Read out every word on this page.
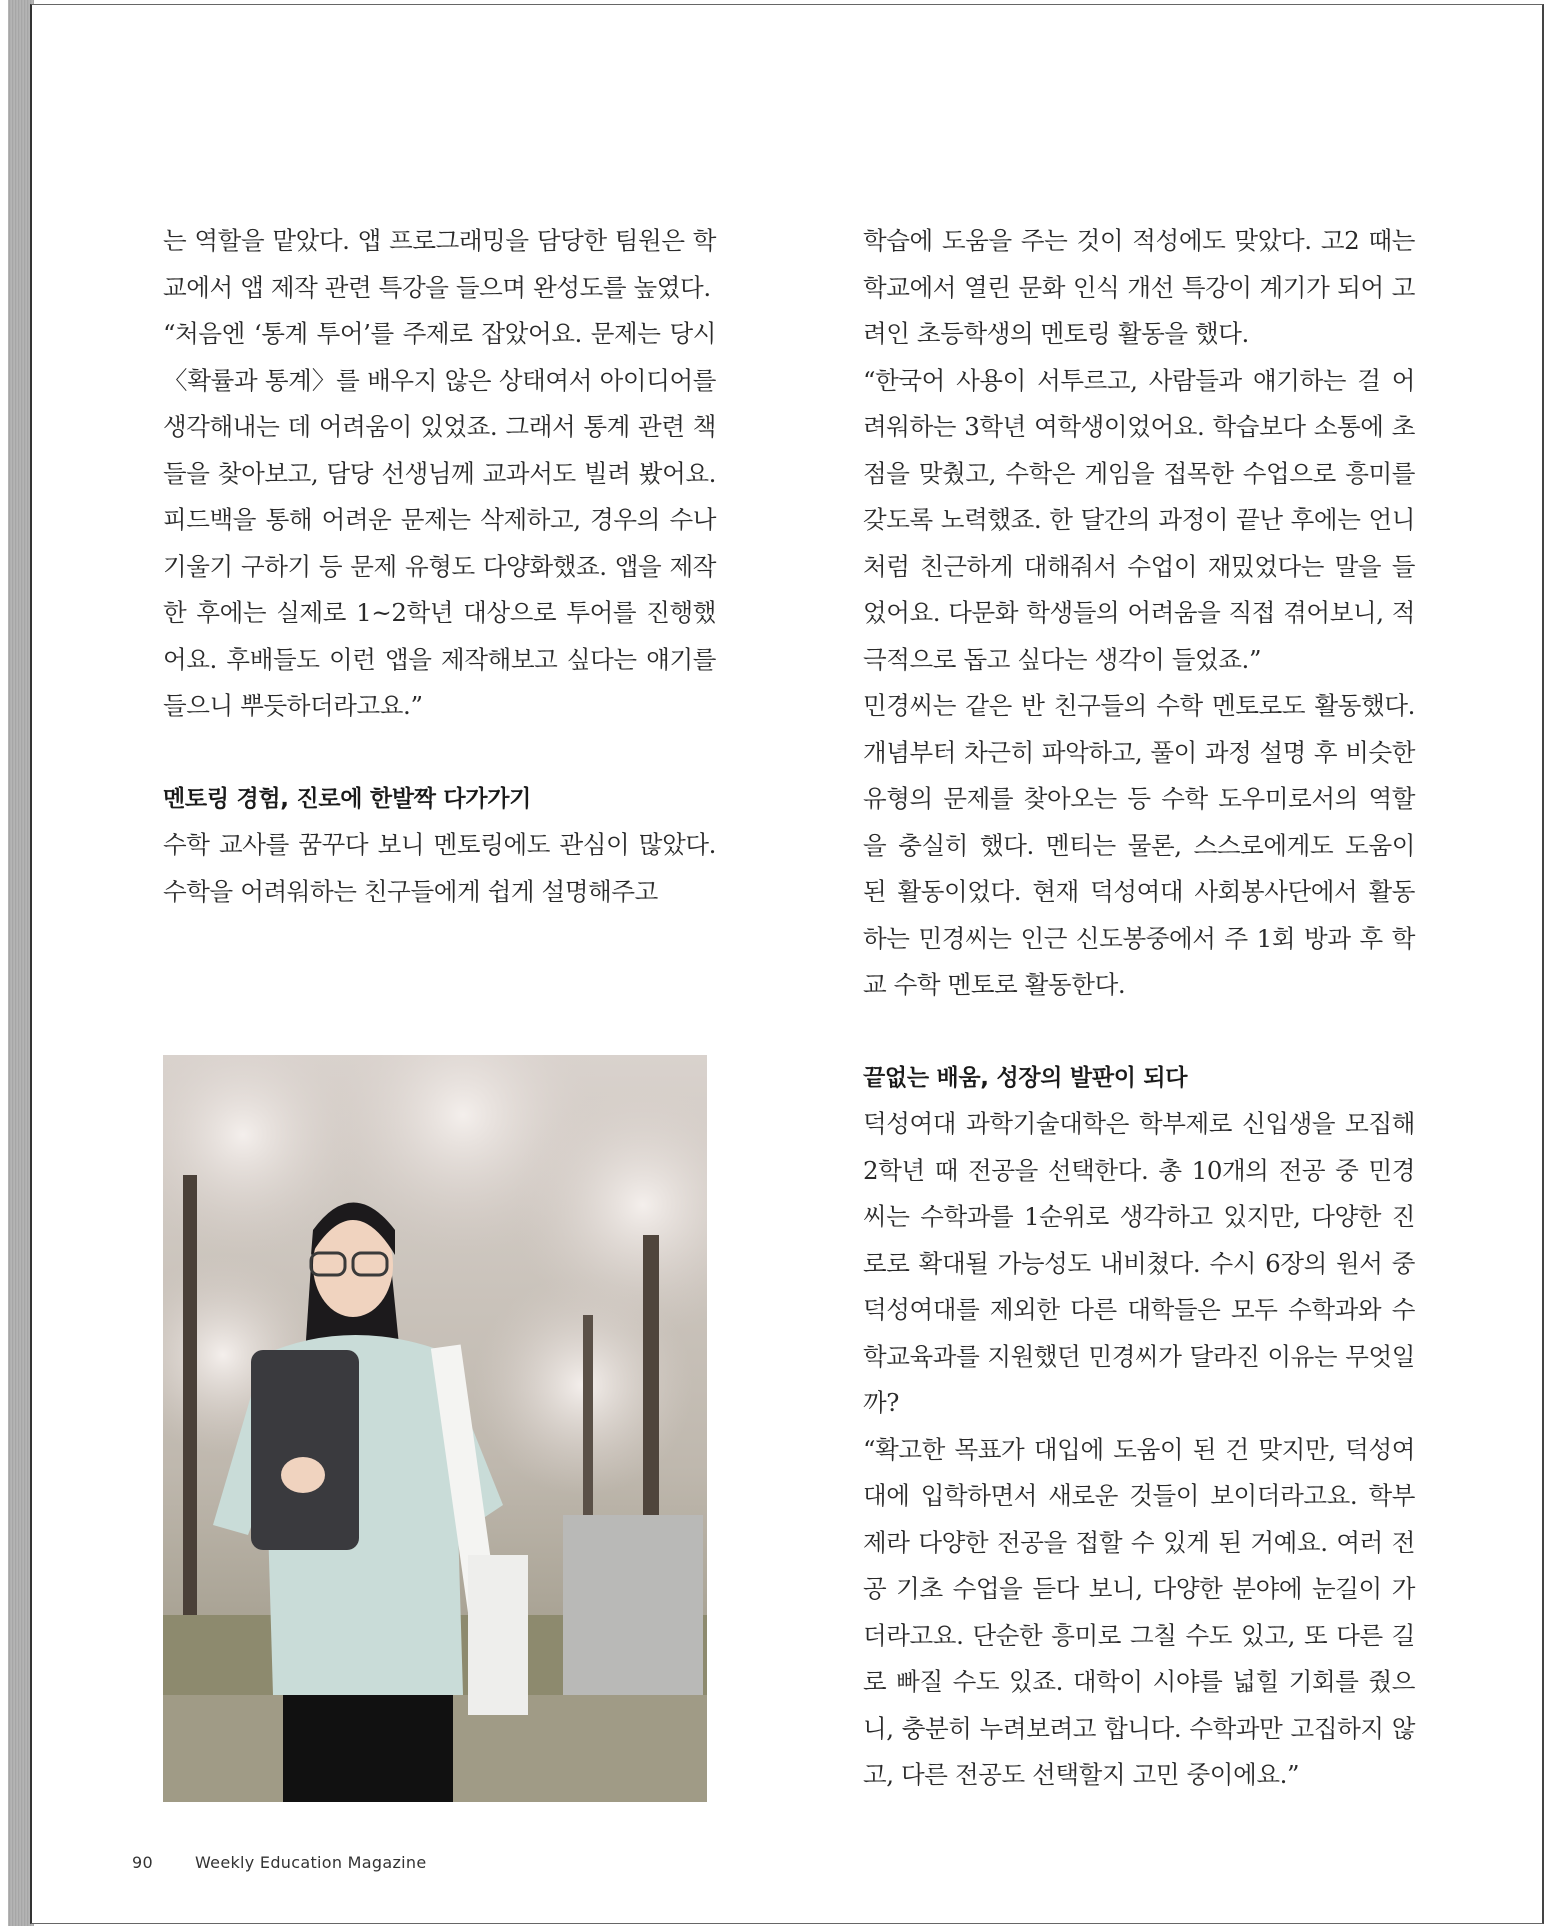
는 역할을 맡았다. 앱 프로그래밍을 담당한 팀원은 학교에서 앱 제작 관련 특강을 들으며 완성도를 높였다.

“처음엔 ‘통계 투어’를 주제로 잡았어요. 문제는 당시 〈확률과 통계〉를 배우지 않은 상태여서 아이디어를 생각해내는 데 어려움이 있었죠. 그래서 통계 관련 책들을 찾아보고, 담당 선생님께 교과서도 빌려 봤어요. 피드백을 통해 어려운 문제는 삭제하고, 경우의 수나 기울기 구하기 등 문제 유형도 다양화했죠. 앱을 제작한 후에는 실제로 1~2학년 대상으로 투어를 진행했어요. 후배들도 이런 앱을 제작해보고 싶다는 얘기를 들으니 뿌듯하더라고요.”

멘토링 경험, 진로에 한발짝 다가가기

수학 교사를 꿈꾸다 보니 멘토링에도 관심이 많았다. 수학을 어려워하는 친구들에게 쉽게 설명해주고

학습에 도움을 주는 것이 적성에도 맞았다. 고2 때는 학교에서 열린 문화 인식 개선 특강이 계기가 되어 고려인 초등학생의 멘토링 활동을 했다.

“한국어 사용이 서투르고, 사람들과 얘기하는 걸 어려워하는 3학년 여학생이었어요. 학습보다 소통에 초점을 맞췄고, 수학은 게임을 접목한 수업으로 흥미를 갖도록 노력했죠. 한 달간의 과정이 끝난 후에는 언니처럼 친근하게 대해줘서 수업이 재밌었다는 말을 들었어요. 다문화 학생들의 어려움을 직접 겪어보니, 적극적으로 돕고 싶다는 생각이 들었죠.”

민경씨는 같은 반 친구들의 수학 멘토로도 활동했다. 개념부터 차근히 파악하고, 풀이 과정 설명 후 비슷한 유형의 문제를 찾아오는 등 수학 도우미로서의 역할을 충실히 했다. 멘티는 물론, 스스로에게도 도움이 된 활동이었다. 현재 덕성여대 사회봉사단에서 활동하는 민경씨는 인근 신도봉중에서 주 1회 방과 후 학교 수학 멘토로 활동한다.

끝없는 배움, 성장의 발판이 되다

덕성여대 과학기술대학은 학부제로 신입생을 모집해 2학년 때 전공을 선택한다. 총 10개의 전공 중 민경씨는 수학과를 1순위로 생각하고 있지만, 다양한 진로로 확대될 가능성도 내비쳤다. 수시 6장의 원서 중 덕성여대를 제외한 다른 대학들은 모두 수학과와 수학교육과를 지원했던 민경씨가 달라진 이유는 무엇일까?

“확고한 목표가 대입에 도움이 된 건 맞지만, 덕성여대에 입학하면서 새로운 것들이 보이더라고요. 학부제라 다양한 전공을 접할 수 있게 된 거예요. 여러 전공 기초 수업을 듣다 보니, 다양한 분야에 눈길이 가더라고요. 단순한 흥미로 그칠 수도 있고, 또 다른 길로 빠질 수도 있죠. 대학이 시야를 넓힐 기회를 줬으니, 충분히 누려보려고 합니다. 수학과만 고집하지 않고, 다른 전공도 선택할지 고민 중이에요.”

90	Weekly Education Magazine
